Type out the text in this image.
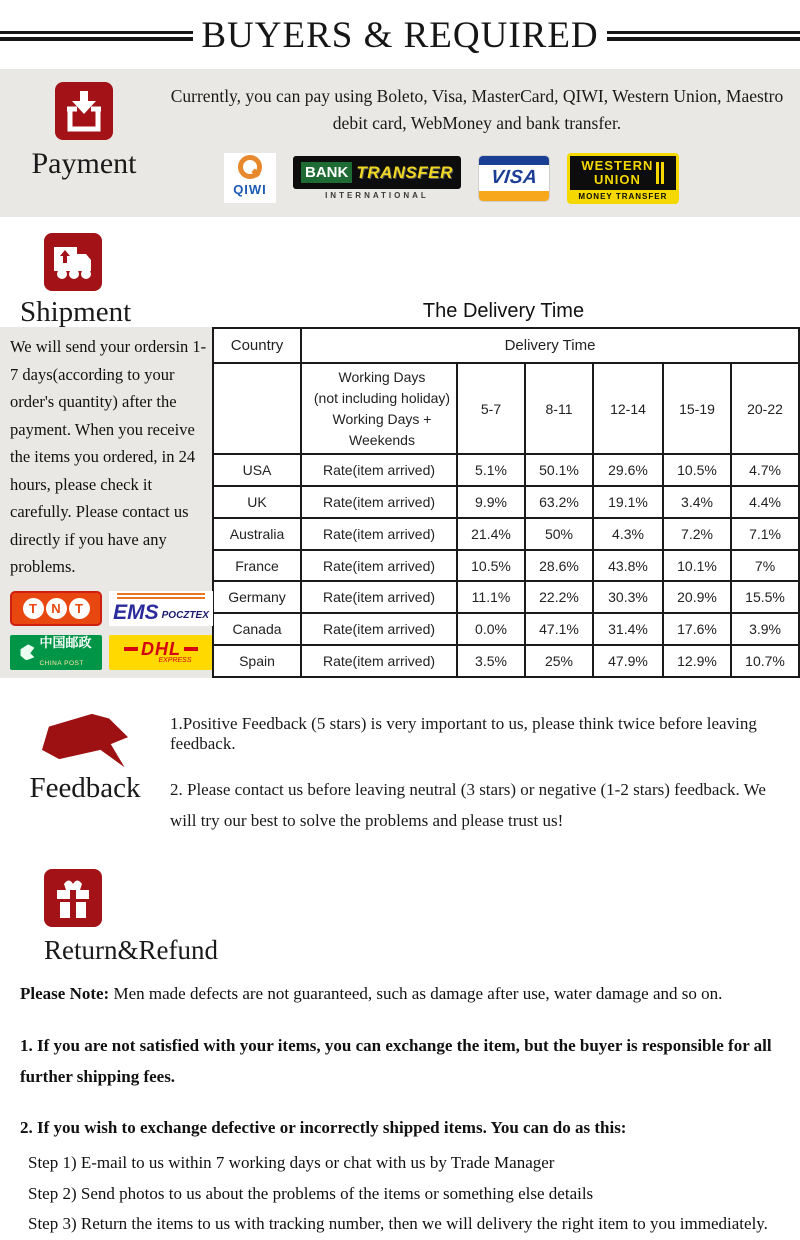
BUYERS & REQUIRED
Payment
Currently, you can pay using Boleto, Visa, MasterCard, QIWI, Western Union, Maestro debit card, WebMoney and bank transfer.
QIWI
BANK TRANSFER
INTERNATIONAL
VISA
WESTERN
UNION
MONEY TRANSFER
Shipment	The Delivery Time
We will send your ordersin 1-7 days(according to your order's quantity) after the payment. When you receive the items you ordered, in 24 hours, please check it carefully. Please contact us directly if you have any problems.
T	N	T	EMS POCZTEX
中国邮政
CHINA POST
DHL
EXPRESS
Country	Delivery Time					

	Working Days
(not including holiday)
Working Days + Weekends	5-7	8-11	12-14	15-19	20-22
USA	Rate(item arrived)	5.1%	50.1%	29.6%	10.5%	4.7%
UK	Rate(item arrived)	9.9%	63.2%	19.1%	3.4%	4.4%
Australia	Rate(item arrived)	21.4%	50%	4.3%	7.2%	7.1%
France	Rate(item arrived)	10.5%	28.6%	43.8%	10.1%	7%
Germany	Rate(item arrived)	11.1%	22.2%	30.3%	20.9%	15.5%
Canada	Rate(item arrived)	0.0%	47.1%	31.4%	17.6%	3.9%
Spain	Rate(item arrived)	3.5%	25%	47.9%	12.9%	10.7%
Feedback

1.Positive Feedback (5 stars) is very important to us, please think twice before leaving feedback.

2. Please contact us before leaving neutral (3 stars) or negative (1-2 stars) feedback. We will try our best to solve the problems and please trust us!

Return&Refund

Please Note: Men made defects are not guaranteed, such as damage after use, water damage and so on.

1. If you are not satisfied with your items, you can exchange the item, but the buyer is responsible for all further shipping fees.

2. If you wish to exchange defective or incorrectly shipped items. You can do as this:

Step 1) E-mail to us within 7 working days or chat with us by Trade Manager

Step 2) Send photos to us about the problems of the items or something else details

Step 3) Return the items to us with tracking number, then we will delivery the right item to you immediately.
